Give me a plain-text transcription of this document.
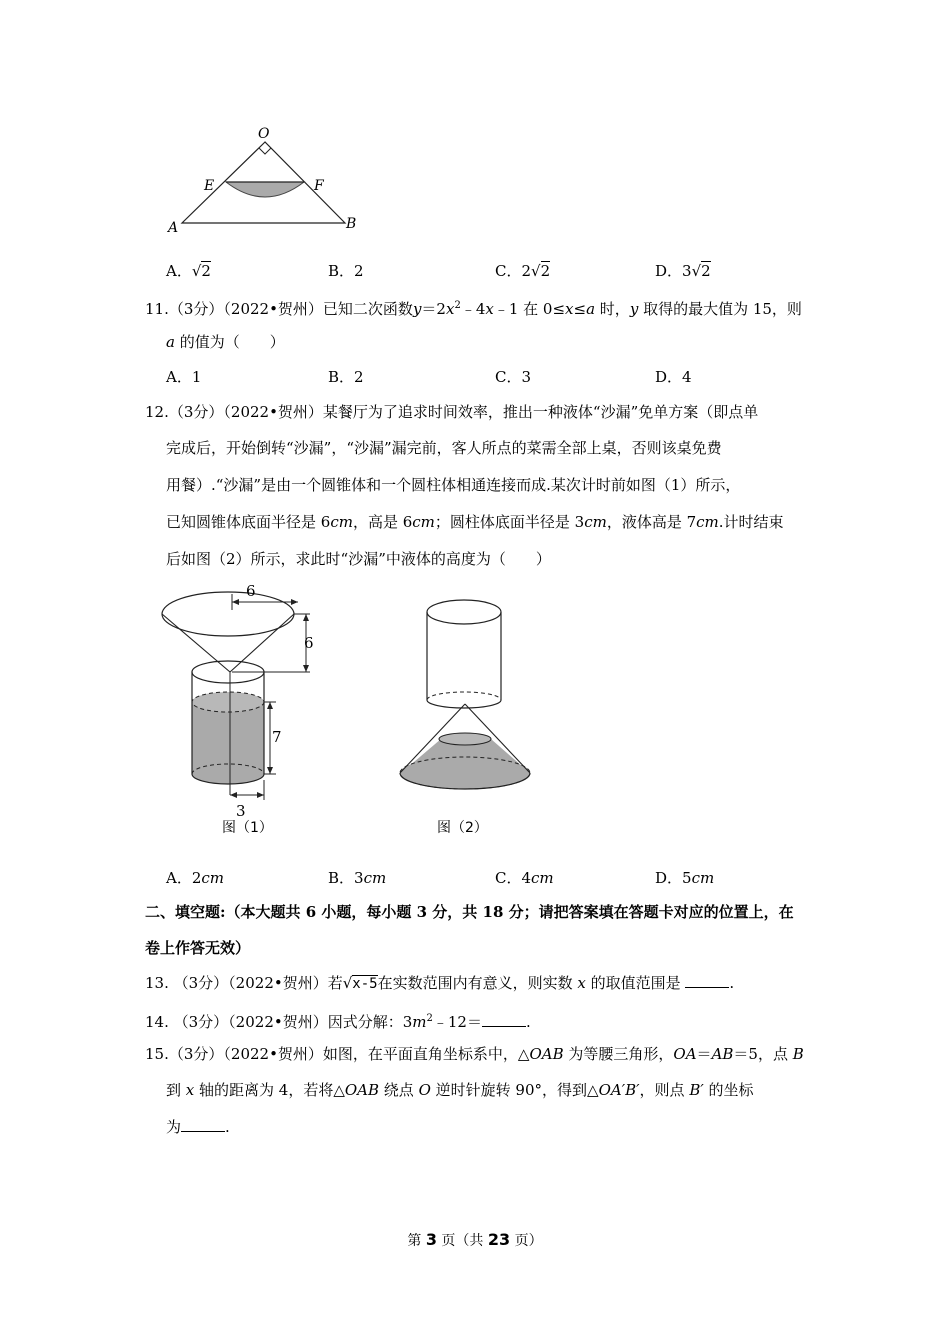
O
E	F
A	B
A．√2	B．2	C．2√2	D．3√2
11.（3分）（2022•贺州）已知二次函数$y=2x^2﹣4x﹣1$ 在 0≤x≤a 时，y 取得的最大值为 15，则
a 的值为（　　）
A．1	B．2	C．3	D．4
12.（3分）（2022•贺州）某餐厅为了追求时间效率，推出一种液体“沙漏”免单方案（即点单
完成后，开始倒转“沙漏”，“沙漏”漏完前，客人所点的菜需全部上桌，否则该桌免费
用餐）.“沙漏”是由一个圆锥体和一个圆柱体相通连接而成.某次计时前如图（1）所示，
已知圆锥体底面半径是 6cm，高是 6cm；圆柱体底面半径是 3cm，液体高是 7cm.计时结束
后如图（2）所示，求此时“沙漏”中液体的高度为（　　）
6
6
7
3
图（1）	图（2）
A．2cm	B．3cm	C．4cm	D．5cm
二、填空题:（本大题共 6 小题，每小题 3 分，共 18 分；请把答案填在答题卡对应的位置上，在
卷上作答无效）
13. （3分）（2022•贺州）若√x-5在实数范围内有意义，则实数 x 的取值范围是	.
14. （3分）（2022•贺州）因式分解：$3m^2﹣12=$	.
15.（3分）（2022•贺州）如图，在平面直角坐标系中，△OAB 为等腰三角形，OA＝AB＝5，点 B
到 x 轴的距离为 4，若将△OAB 绕点 O 逆时针旋转 90°，得到△OA′B′，则点 B′ 的坐标
为	.
第 3 页（共 23 页）
